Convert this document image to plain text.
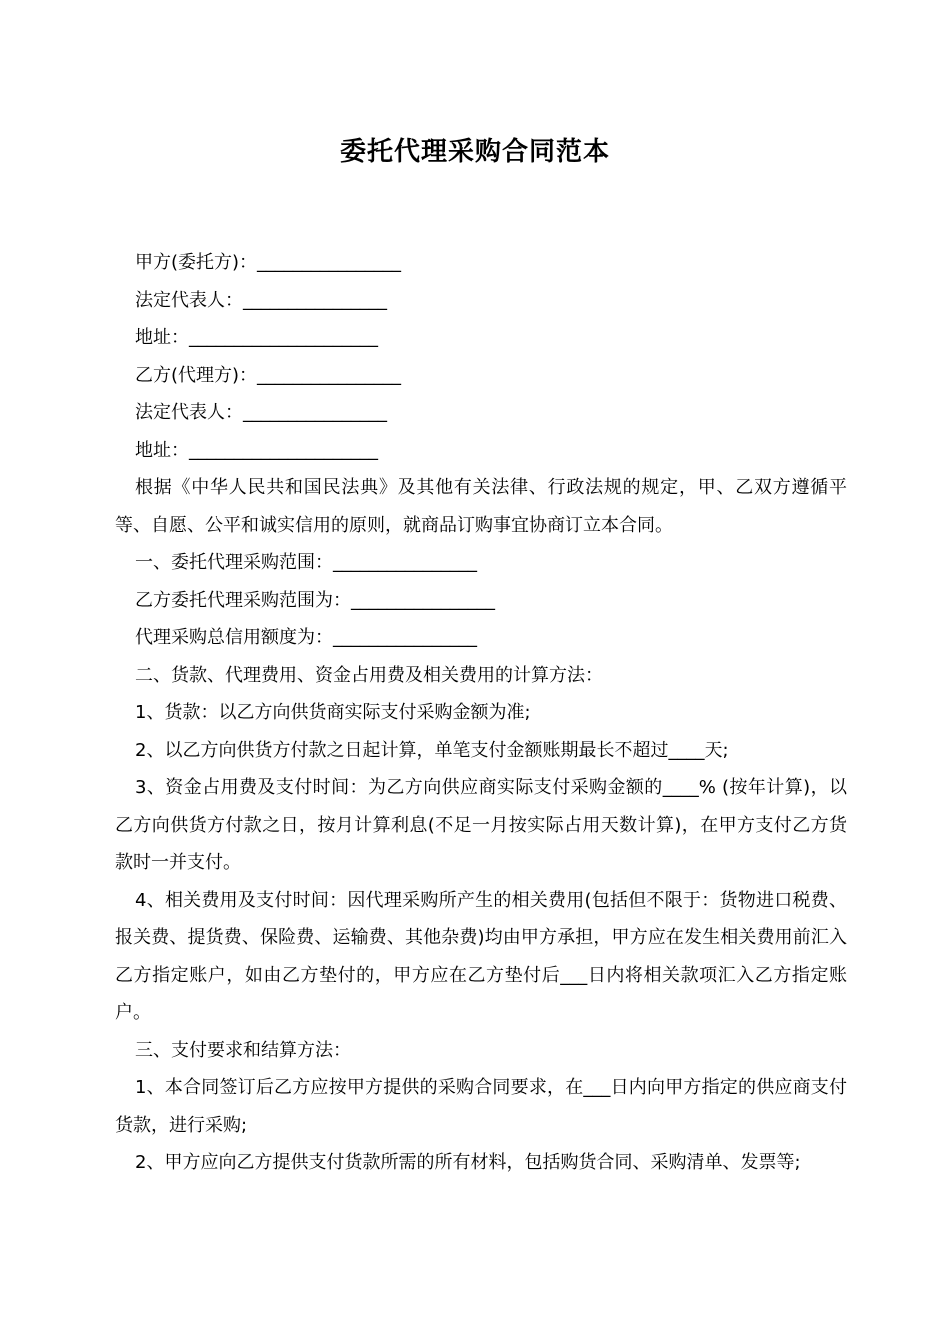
委托代理采购合同范本

甲方(委托方)：________________

法定代表人：________________

地址：_____________________

乙方(代理方)：________________

法定代表人：________________

地址：_____________________

根据《中华人民共和国民法典》及其他有关法律、行政法规的规定，甲、乙双方遵循平等、自愿、公平和诚实信用的原则，就商品订购事宜协商订立本合同。

一、委托代理采购范围：________________

乙方委托代理采购范围为：________________

代理采购总信用额度为：________________

二、货款、代理费用、资金占用费及相关费用的计算方法：

1、货款：以乙方向供货商实际支付采购金额为准;

2、以乙方向供货方付款之日起计算，单笔支付金额账期最长不超过____天;

3、资金占用费及支付时间：为乙方向供应商实际支付采购金额的____% (按年计算)，以乙方向供货方付款之日，按月计算利息(不足一月按实际占用天数计算)，在甲方支付乙方货款时一并支付。

4、相关费用及支付时间：因代理采购所产生的相关费用(包括但不限于：货物进口税费、报关费、提货费、保险费、运输费、其他杂费)均由甲方承担，甲方应在发生相关费用前汇入乙方指定账户，如由乙方垫付的，甲方应在乙方垫付后___日内将相关款项汇入乙方指定账户。

三、支付要求和结算方法：

1、本合同签订后乙方应按甲方提供的采购合同要求，在___日内向甲方指定的供应商支付货款，进行采购;

2、甲方应向乙方提供支付货款所需的所有材料，包括购货合同、采购清单、发票等;
